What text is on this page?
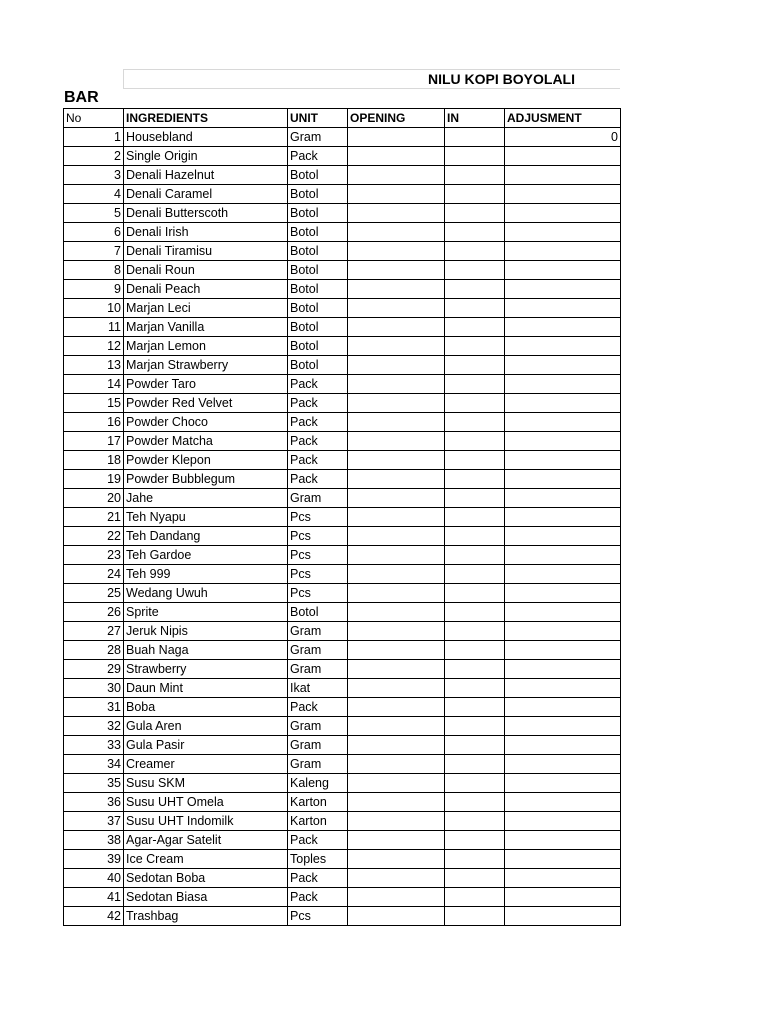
NILU KOPI BOYOLALI
BAR
No	INGREDIENTS	UNIT	OPENING	IN	ADJUSMENT
1	Housebland	Gram			0
2	Single Origin	Pack			
3	Denali Hazelnut	Botol			
4	Denali Caramel	Botol			
5	Denali Butterscoth	Botol			
6	Denali Irish	Botol			
7	Denali Tiramisu	Botol			
8	Denali Roun	Botol			
9	Denali Peach	Botol			
10	Marjan Leci	Botol			
11	Marjan Vanilla	Botol			
12	Marjan Lemon	Botol			
13	Marjan Strawberry	Botol			
14	Powder Taro	Pack			
15	Powder Red Velvet	Pack			
16	Powder Choco	Pack			
17	Powder Matcha	Pack			
18	Powder Klepon	Pack			
19	Powder Bubblegum	Pack			
20	Jahe	Gram			
21	Teh Nyapu	Pcs			
22	Teh Dandang	Pcs			
23	Teh Gardoe	Pcs			
24	Teh 999	Pcs			
25	Wedang Uwuh	Pcs			
26	Sprite	Botol			
27	Jeruk Nipis	Gram			
28	Buah Naga	Gram			
29	Strawberry	Gram			
30	Daun Mint	Ikat			
31	Boba	Pack			
32	Gula Aren	Gram			
33	Gula Pasir	Gram			
34	Creamer	Gram			
35	Susu SKM	Kaleng			
36	Susu UHT Omela	Karton			
37	Susu UHT Indomilk	Karton			
38	Agar-Agar Satelit	Pack			
39	Ice Cream	Toples			
40	Sedotan Boba	Pack			
41	Sedotan Biasa	Pack			
42	Trashbag	Pcs			
